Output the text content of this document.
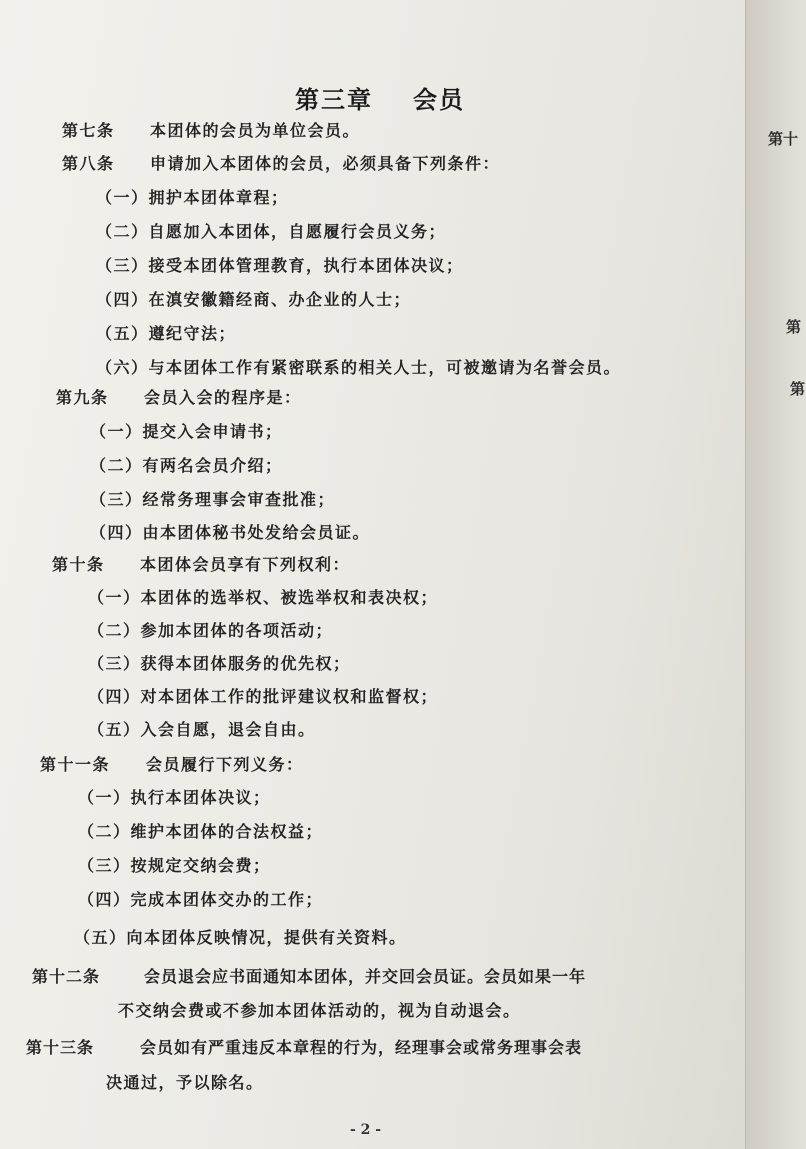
第三章 会员
第七条 本团体的会员为单位会员。
第八条 申请加入本团体的会员，必须具备下列条件：
（一）拥护本团体章程；
（二）自愿加入本团体，自愿履行会员义务；
（三）接受本团体管理教育，执行本团体决议；
（四）在滇安徽籍经商、办企业的人士；
（五）遵纪守法；
（六）与本团体工作有紧密联系的相关人士，可被邀请为名誉会员。
第九条 会员入会的程序是：
（一）提交入会申请书；
（二）有两名会员介绍；
（三）经常务理事会审查批准；
（四）由本团体秘书处发给会员证。
第十条 本团体会员享有下列权利：
（一）本团体的选举权、被选举权和表决权；
（二）参加本团体的各项活动；
（三）获得本团体服务的优先权；
（四）对本团体工作的批评建议权和监督权；
（五）入会自愿，退会自由。
第十一条 会员履行下列义务：
（一）执行本团体决议；
（二）维护本团体的合法权益；
（三）按规定交纳会费；
（四）完成本团体交办的工作；
（五）向本团体反映情况，提供有关资料。
第十二条	会员退会应书面通知本团体，并交回会员证。会员如果一年
不交纳会费或不参加本团体活动的，视为自动退会。
第十三条	会员如有严重违反本章程的行为，经理事会或常务理事会表
决通过，予以除名。
- 2 -
第十
第
第
